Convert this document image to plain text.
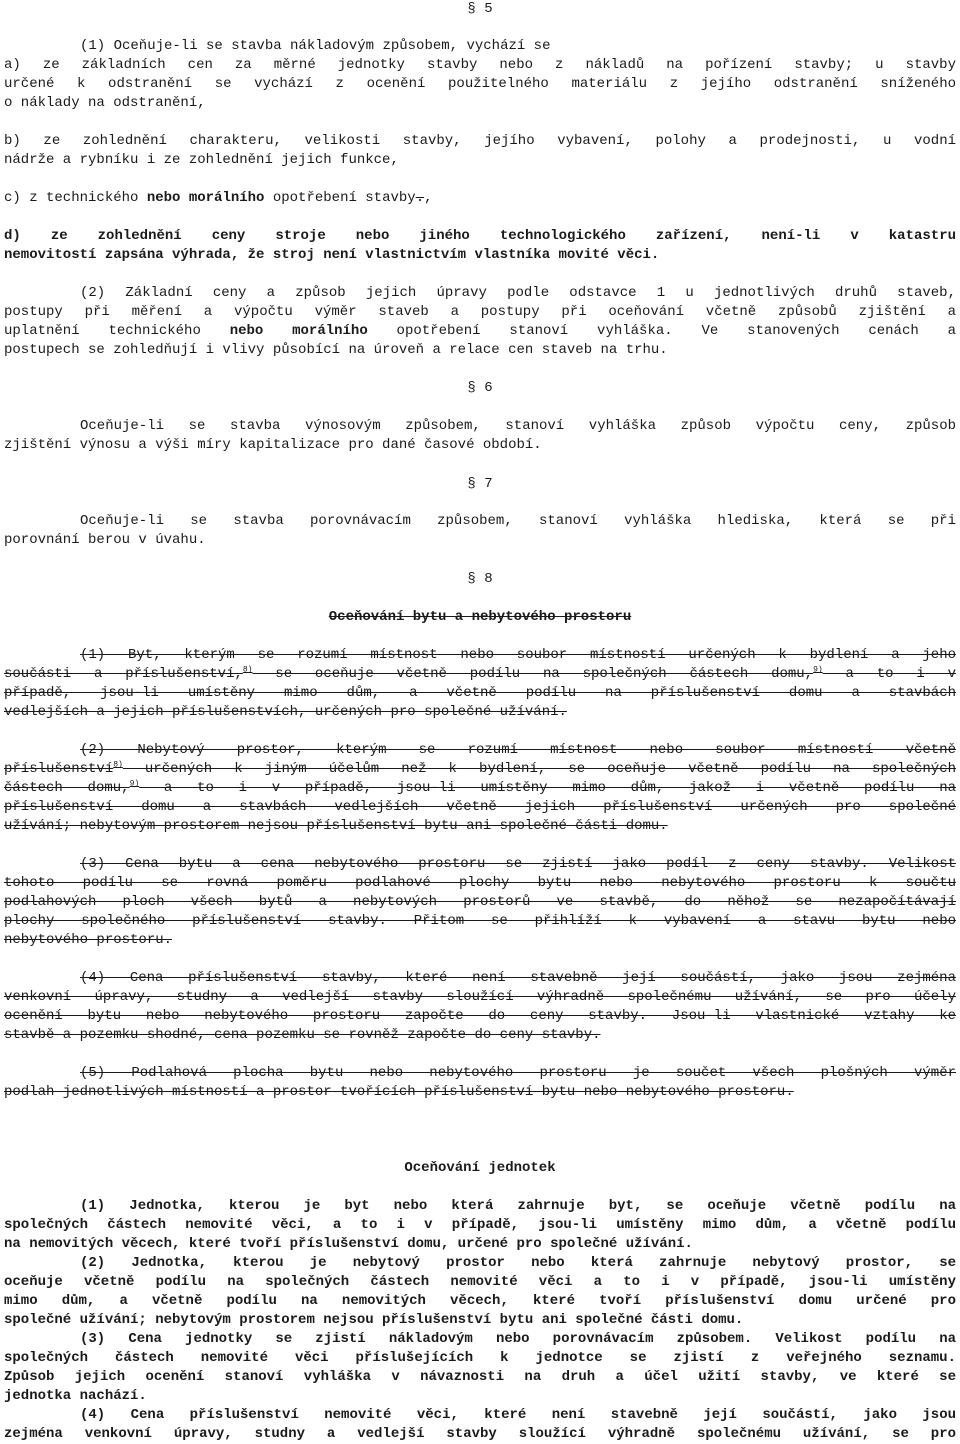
§ 5
(1) Oceňuje-li se stavba nákladovým způsobem, vychází se
a) ze základních cen za měrné jednotky stavby nebo z nákladů na pořízení stavby; u stavby
určené k odstranění se vychází z ocenění použitelného materiálu z jejího odstranění sníženého
o náklady na odstranění,
b) ze zohlednění charakteru, velikosti stavby, jejího vybavení, polohy a prodejnosti, u vodní
nádrže a rybníku i ze zohlednění jejich funkce,
c) z technického nebo morálního opotřebení stavby.,
d) ze zohlednění ceny stroje nebo jiného technologického zařízení, není-li v katastru
nemovitostí zapsána výhrada, že stroj není vlastnictvím vlastníka movité věci.
(2) Základní ceny a způsob jejich úpravy podle odstavce 1 u jednotlivých druhů staveb,
postupy při měření a výpočtu výměr staveb a postupy při oceňování včetně způsobů zjištění a
uplatnění technického nebo morálního opotřebení stanoví vyhláška. Ve stanovených cenách a
postupech se zohledňují i vlivy působící na úroveň a relace cen staveb na trhu.
§ 6
Oceňuje-li se stavba výnosovým způsobem, stanoví vyhláška způsob výpočtu ceny, způsob
zjištění výnosu a výši míry kapitalizace pro dané časové období.
§ 7
Oceňuje-li se stavba porovnávacím způsobem, stanoví vyhláška hlediska, která se při
porovnání berou v úvahu.
§ 8
Oceňování bytu a nebytového prostoru
(1) Byt, kterým se rozumí místnost nebo soubor místností určených k bydlení a jeho
součásti a příslušenství,$^{8)}$ se oceňuje včetně podílu na společných částech domu,$^{9)}$ a to i v
případě, jsou-li umístěny mimo dům, a včetně podílu na příslušenství domu a stavbách
vedlejších a jejich příslušenstvích, určených pro společné užívání.
(2) Nebytový prostor, kterým se rozumí místnost nebo soubor místností včetně
příslušenství$^{8)}$ určených k jiným účelům než k bydlení, se oceňuje včetně podílu na společných
částech domu,$^{9)}$ a to i v případě, jsou-li umístěny mimo dům, jakož i včetně podílu na
příslušenství domu a stavbách vedlejších včetně jejich příslušenství určených pro společné
užívání; nebytovým prostorem nejsou příslušenství bytu ani společné části domu.
(3) Cena bytu a cena nebytového prostoru se zjistí jako podíl z ceny stavby. Velikost
tohoto podílu se rovná poměru podlahové plochy bytu nebo nebytového prostoru k součtu
podlahových ploch všech bytů a nebytových prostorů ve stavbě, do něhož se nezapočítávají
plochy společného příslušenství stavby. Přitom se přihlíží k vybavení a stavu bytu nebo
nebytového prostoru.
(4) Cena příslušenství stavby, které není stavebně její součástí, jako jsou zejména
venkovní úpravy, studny a vedlejší stavby sloužící výhradně společnému užívání, se pro účely
ocenění bytu nebo nebytového prostoru započte do ceny stavby. Jsou-li vlastnické vztahy ke
stavbě a pozemku shodné, cena pozemku se rovněž započte do ceny stavby.
(5) Podlahová plocha bytu nebo nebytového prostoru je součet všech plošných výměr
podlah jednotlivých místností a prostor tvořících příslušenství bytu nebo nebytového prostoru.
Oceňování jednotek
(1) Jednotka, kterou je byt nebo která zahrnuje byt, se oceňuje včetně podílu na
společných částech nemovité věci, a to i v případě, jsou-li umístěny mimo dům, a včetně podílu
na nemovitých věcech, které tvoří příslušenství domu, určené pro společné užívání.
(2) Jednotka, kterou je nebytový prostor nebo která zahrnuje nebytový prostor, se
oceňuje včetně podílu na společných částech nemovité věci a to i v případě, jsou-li umístěny
mimo dům, a včetně podílu na nemovitých věcech, které tvoří příslušenství domu určené pro
společné užívání; nebytovým prostorem nejsou příslušenství bytu ani společné části domu.
(3) Cena jednotky se zjistí nákladovým nebo porovnávacím způsobem. Velikost podílu na
společných částech nemovité věci příslušejících k jednotce se zjistí z veřejného seznamu.
Způsob jejich ocenění stanoví vyhláška v návaznosti na druh a účel užití stavby, ve které se
jednotka nachází.
(4) Cena příslušenství nemovité věci, které není stavebně její součástí, jako jsou
zejména venkovní úpravy, studny a vedlejší stavby sloužící výhradně společnému užívání, se pro
